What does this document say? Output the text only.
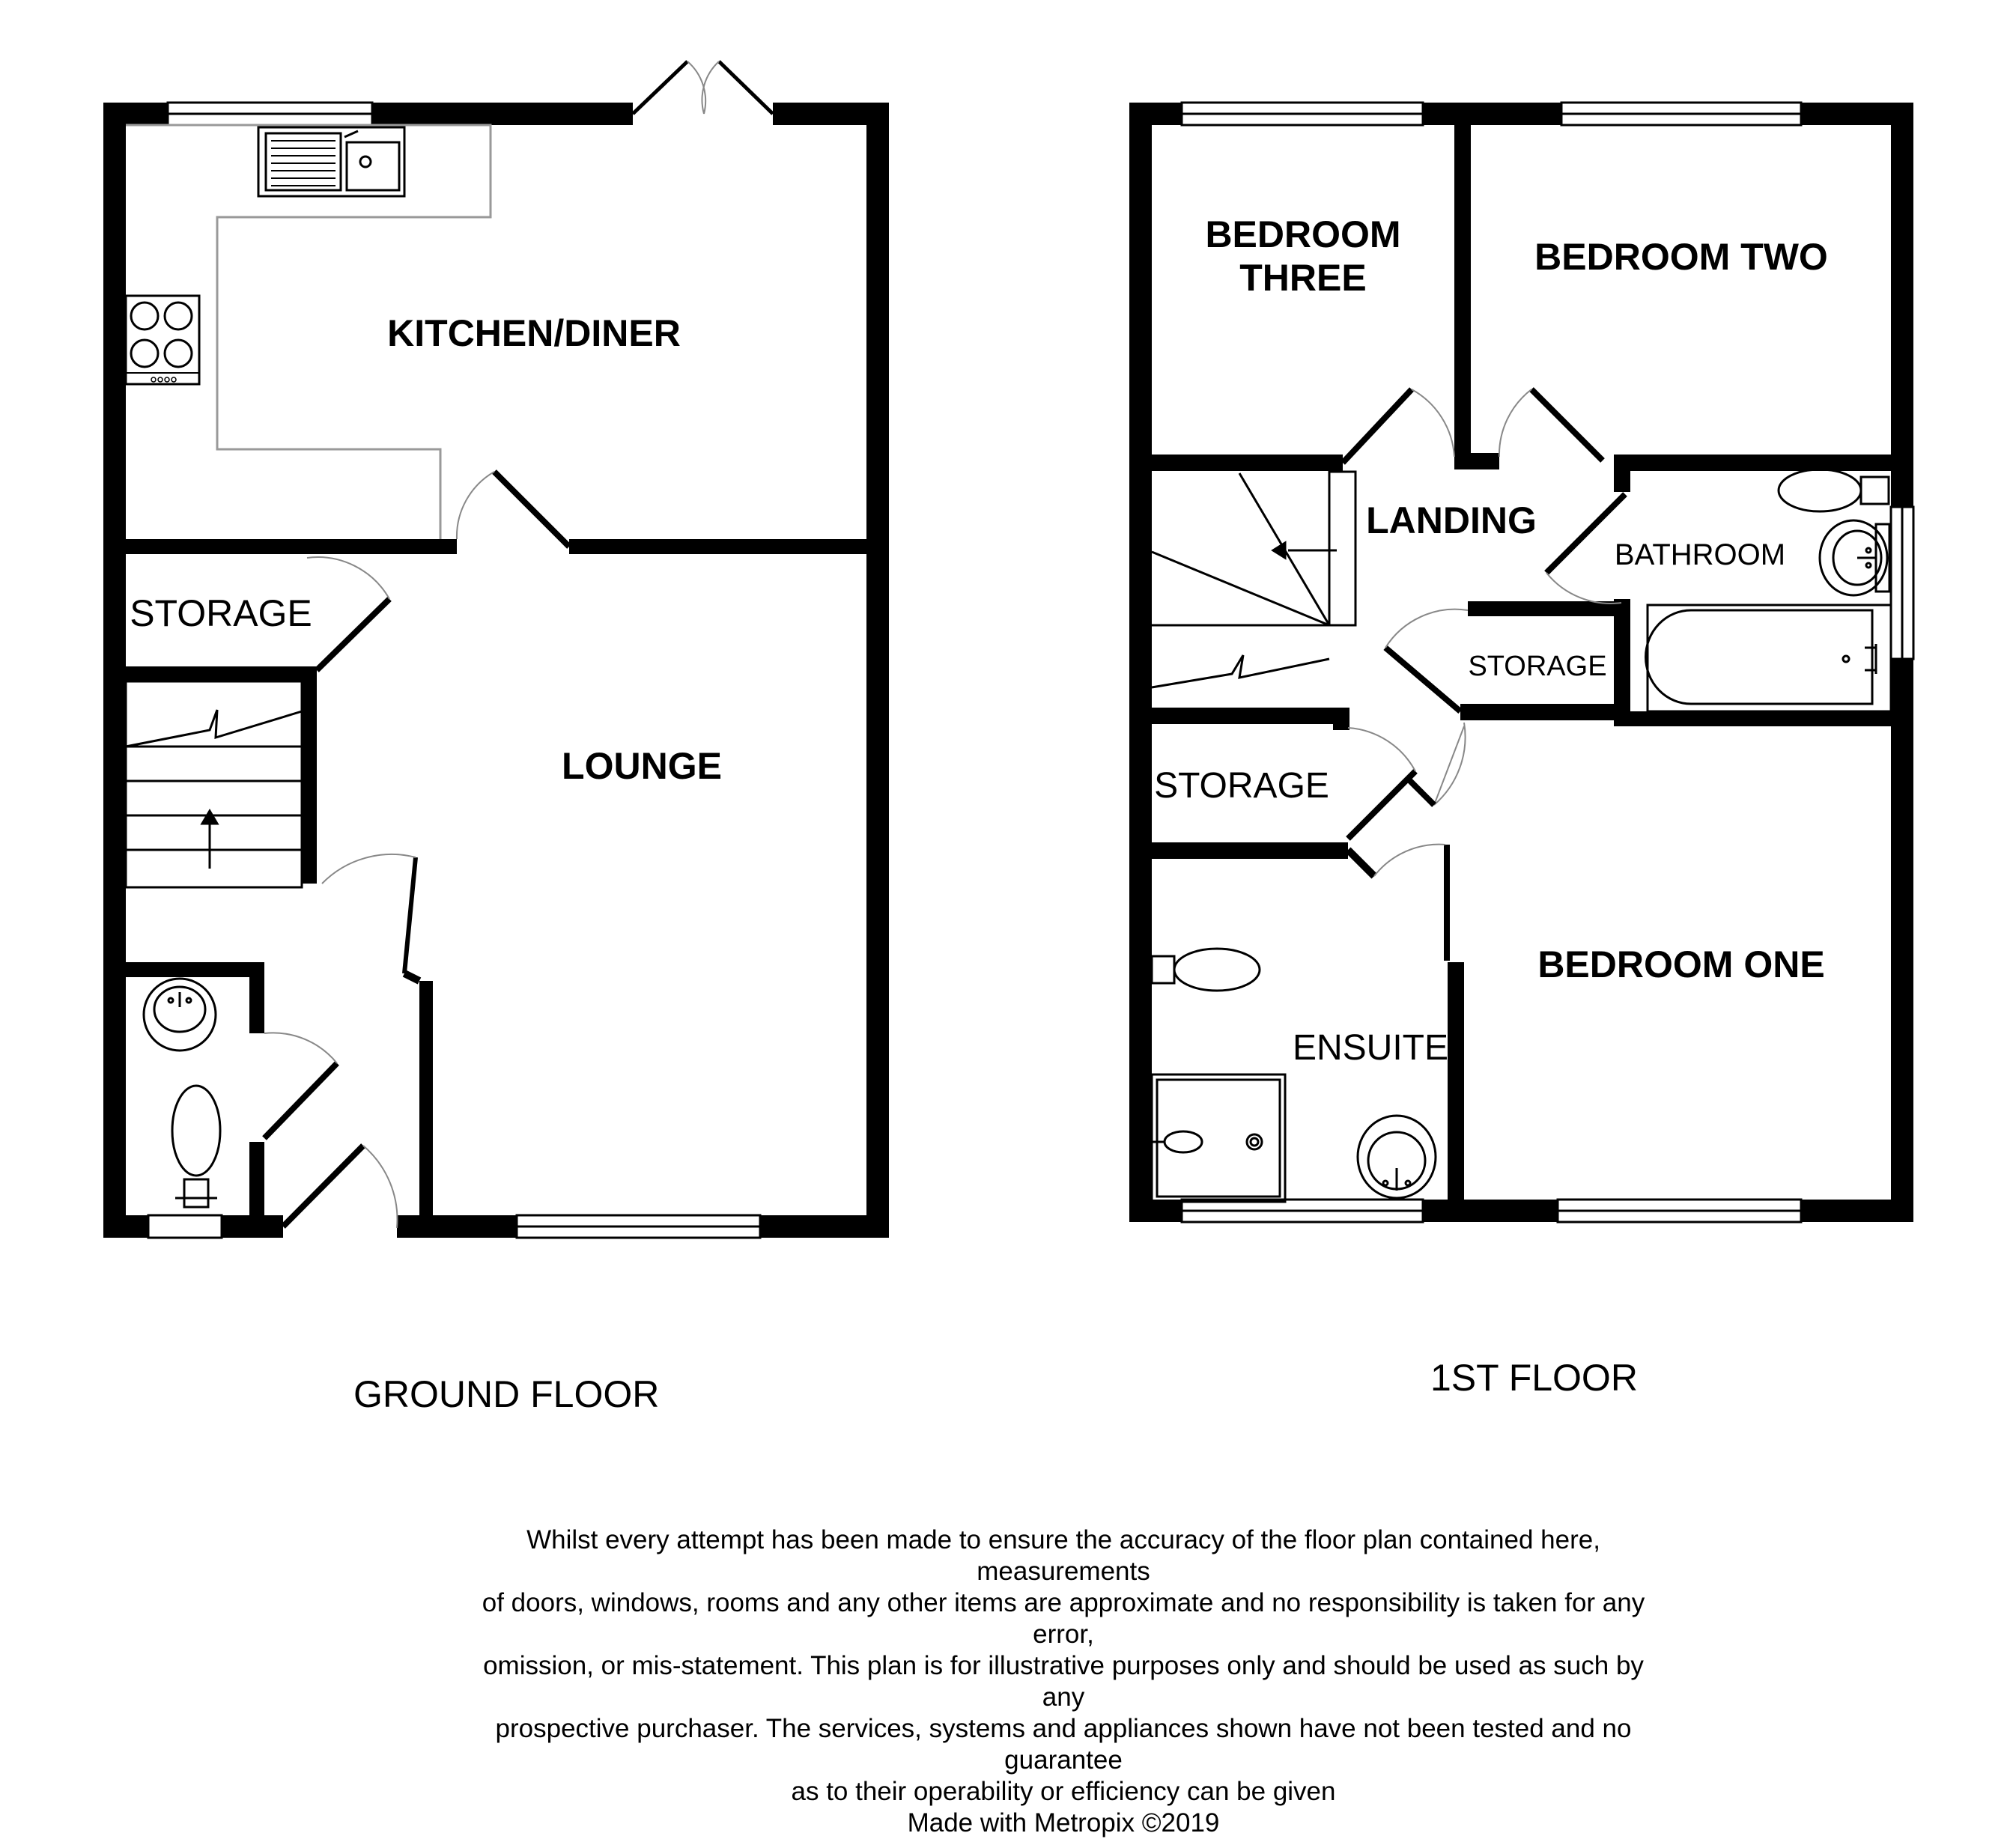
KITCHEN/DINER
STORAGE
LOUNGE
BEDROOM
THREE	BEDROOM TWO
LANDING
BATHROOM
STORAGE
STORAGE
ENSUITE
BEDROOM ONE
GROUND FLOOR	1ST FLOOR
Whilst every attempt has been made to ensure the accuracy of the floor plan contained here, measurements
of doors, windows, rooms and any other items are approximate and no responsibility is taken for any error,
omission, or mis-statement. This plan is for illustrative purposes only and should be used as such by any
prospective purchaser. The services, systems and appliances shown have not been tested and no guarantee
as to their operability or efficiency can be given
Made with Metropix ©2019
